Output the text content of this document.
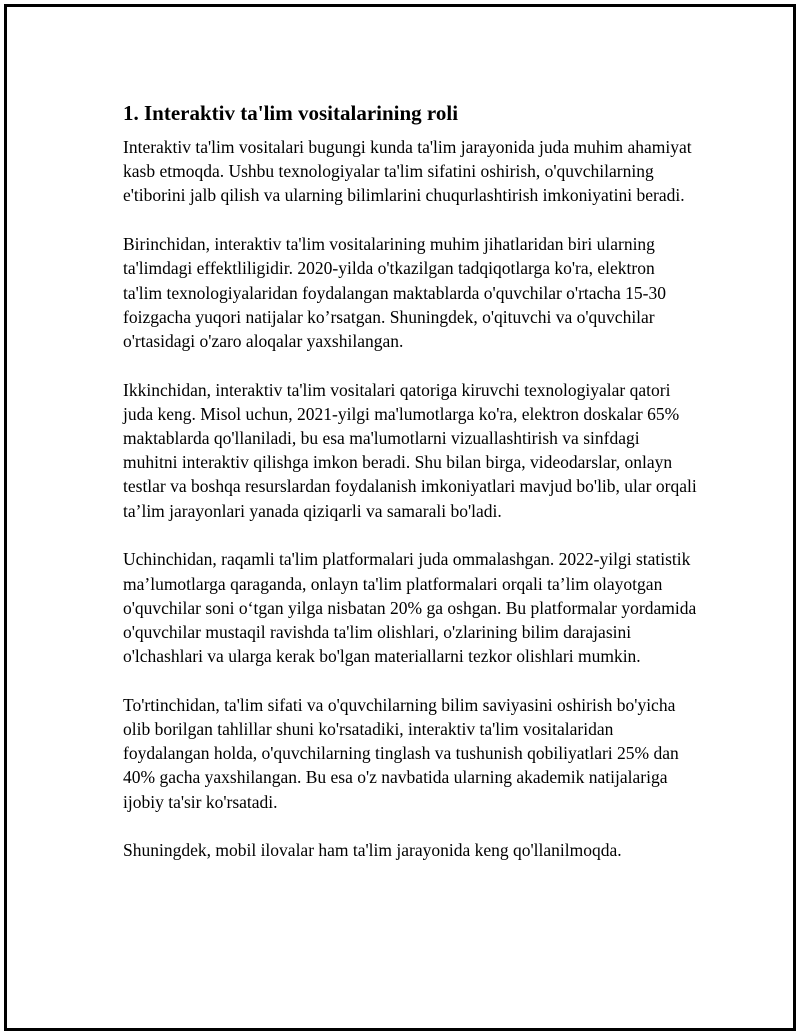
1. Interaktiv ta'lim vositalarining roli

Interaktiv ta'lim vositalari bugungi kunda ta'lim jarayonida juda muhim ahamiyat kasb etmoqda. Ushbu texnologiyalar ta'lim sifatini oshirish, o'quvchilarning e'tiborini jalb qilish va ularning bilimlarini chuqurlashtirish imkoniyatini beradi.

Birinchidan, interaktiv ta'lim vositalarining muhim jihatlaridan biri ularning ta'limdagi effektliligidir. 2020-yilda o'tkazilgan tadqiqotlarga ko'ra, elektron ta'lim texnologiyalaridan foydalangan maktablarda o'quvchilar o'rtacha 15-30 foizgacha yuqori natijalar ko’rsatgan. Shuningdek, o'qituvchi va o'quvchilar o'rtasidagi o'zaro aloqalar yaxshilangan.

Ikkinchidan, interaktiv ta'lim vositalari qatoriga kiruvchi texnologiyalar qatori juda keng. Misol uchun, 2021-yilgi ma'lumotlarga ko'ra, elektron doskalar 65% maktablarda qo'llaniladi, bu esa ma'lumotlarni vizuallashtirish va sinfdagi muhitni interaktiv qilishga imkon beradi. Shu bilan birga, videodarslar, onlayn testlar va boshqa resurslardan foydalanish imkoniyatlari mavjud bo'lib, ular orqali ta’lim jarayonlari yanada qiziqarli va samarali bo'ladi.

Uchinchidan, raqamli ta'lim platformalari juda ommalashgan. 2022-yilgi statistik ma’lumotlarga qaraganda, onlayn ta'lim platformalari orqali ta’lim olayotgan o'quvchilar soni o‘tgan yilga nisbatan 20% ga oshgan. Bu platformalar yordamida o'quvchilar mustaqil ravishda ta'lim olishlari, o'zlarining bilim darajasini o'lchashlari va ularga kerak bo'lgan materiallarni tezkor olishlari mumkin.

To'rtinchidan, ta'lim sifati va o'quvchilarning bilim saviyasini oshirish bo'yicha olib borilgan tahlillar shuni ko'rsatadiki, interaktiv ta'lim vositalaridan foydalangan holda, o'quvchilarning tinglash va tushunish qobiliyatlari 25% dan 40% gacha yaxshilangan. Bu esa o'z navbatida ularning akademik natijalariga ijobiy ta'sir ko'rsatadi.

Shuningdek, mobil ilovalar ham ta'lim jarayonida keng qo'llanilmoqda.
